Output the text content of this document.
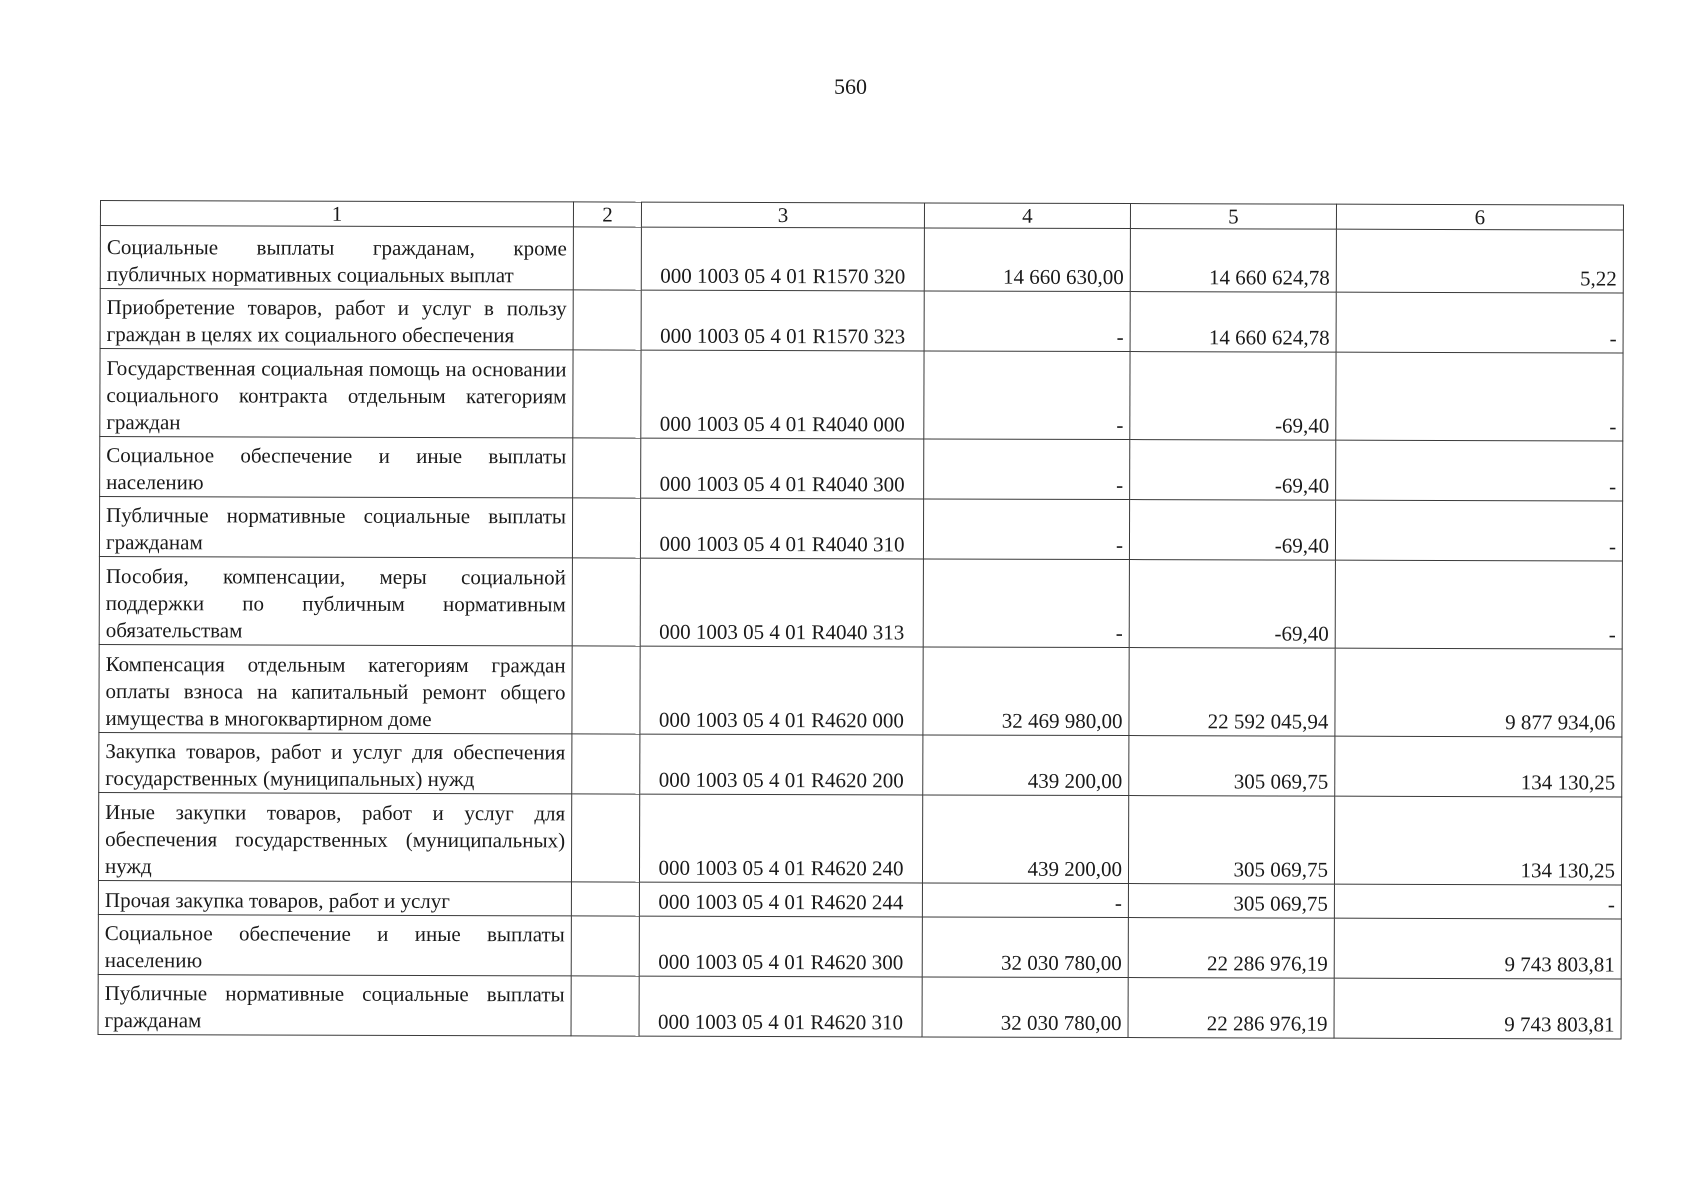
560
1	2	3	4	5	6
Социальные выплаты гражданам, кроме публичных нормативных социальных выплат		000 1003 05 4 01 R1570 320	14 660 630,00	14 660 624,78	5,22
Приобретение товаров, работ и услуг в пользу граждан в целях их социального обеспечения		000 1003 05 4 01 R1570 323	-	14 660 624,78	-
Государственная социальная помощь на основании социального контракта отдельным категориям граждан		000 1003 05 4 01 R4040 000	-	-69,40	-
Социальное обеспечение и иные выплаты населению		000 1003 05 4 01 R4040 300	-	-69,40	-
Публичные нормативные социальные выплаты гражданам		000 1003 05 4 01 R4040 310	-	-69,40	-
Пособия, компенсации, меры социальной поддержки по публичным нормативным обязательствам		000 1003 05 4 01 R4040 313	-	-69,40	-
Компенсация отдельным категориям граждан оплаты взноса на капитальный ремонт общего имущества в многоквартирном доме		000 1003 05 4 01 R4620 000	32 469 980,00	22 592 045,94	9 877 934,06
Закупка товаров, работ и услуг для обеспечения государственных (муниципальных) нужд		000 1003 05 4 01 R4620 200	439 200,00	305 069,75	134 130,25
Иные закупки товаров, работ и услуг для обеспечения государственных (муниципальных) нужд		000 1003 05 4 01 R4620 240	439 200,00	305 069,75	134 130,25
Прочая закупка товаров, работ и услуг		000 1003 05 4 01 R4620 244	-	305 069,75	-
Социальное обеспечение и иные выплаты населению		000 1003 05 4 01 R4620 300	32 030 780,00	22 286 976,19	9 743 803,81
Публичные нормативные социальные выплаты гражданам		000 1003 05 4 01 R4620 310	32 030 780,00	22 286 976,19	9 743 803,81
